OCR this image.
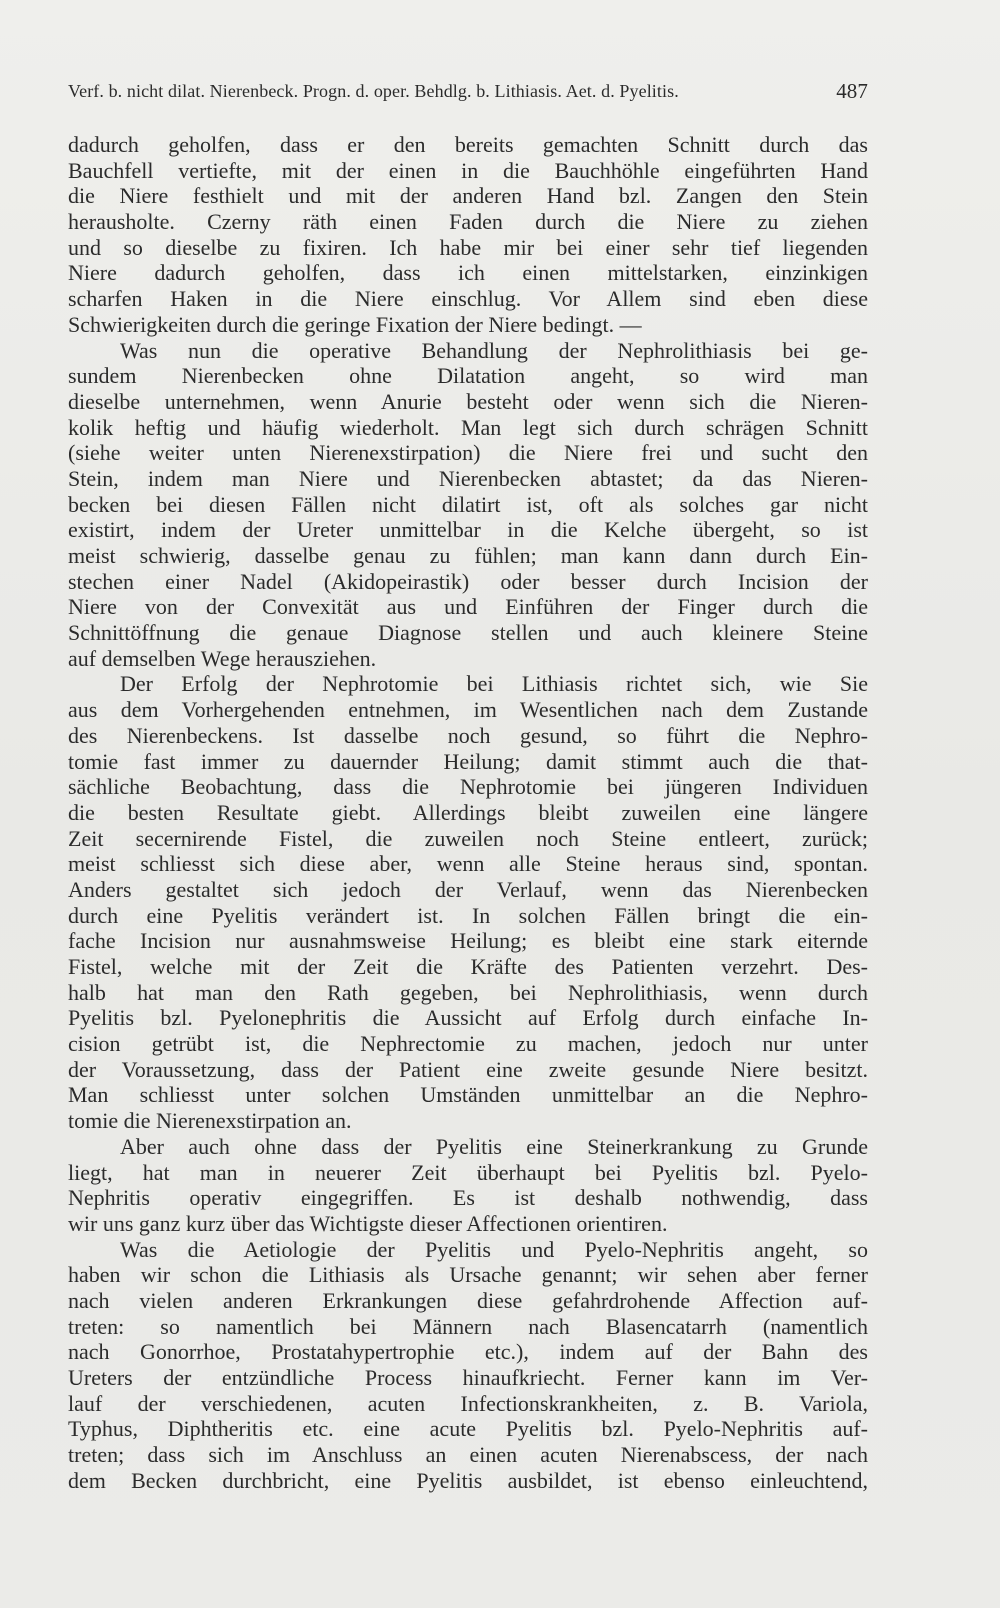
Verf. b. nicht dilat. Nierenbeck. Progn. d. oper. Behdlg. b. Lithiasis. Aet. d. Pyelitis.	487
dadurch geholfen, dass er den bereits gemachten Schnitt durch das
Bauchfell vertiefte, mit der einen in die Bauchhöhle eingeführten Hand
die Niere festhielt und mit der anderen Hand bzl. Zangen den Stein
herausholte. Czerny räth einen Faden durch die Niere zu ziehen
und so dieselbe zu fixiren. Ich habe mir bei einer sehr tief liegenden
Niere dadurch geholfen, dass ich einen mittelstarken, einzinkigen
scharfen Haken in die Niere einschlug. Vor Allem sind eben diese
Schwierigkeiten durch die geringe Fixation der Niere bedingt. —
Was nun die operative Behandlung der Nephrolithiasis bei ge-
sundem Nierenbecken ohne Dilatation angeht, so wird man
dieselbe unternehmen, wenn Anurie besteht oder wenn sich die Nieren-
kolik heftig und häufig wiederholt. Man legt sich durch schrägen Schnitt
(siehe weiter unten Nierenexstirpation) die Niere frei und sucht den
Stein, indem man Niere und Nierenbecken abtastet; da das Nieren-
becken bei diesen Fällen nicht dilatirt ist, oft als solches gar nicht
existirt, indem der Ureter unmittelbar in die Kelche übergeht, so ist
meist schwierig, dasselbe genau zu fühlen; man kann dann durch Ein-
stechen einer Nadel (Akidopeirastik) oder besser durch Incision der
Niere von der Convexität aus und Einführen der Finger durch die
Schnittöffnung die genaue Diagnose stellen und auch kleinere Steine
auf demselben Wege herausziehen.
Der Erfolg der Nephrotomie bei Lithiasis richtet sich, wie Sie
aus dem Vorhergehenden entnehmen, im Wesentlichen nach dem Zustande
des Nierenbeckens. Ist dasselbe noch gesund, so führt die Nephro-
tomie fast immer zu dauernder Heilung; damit stimmt auch die that-
sächliche Beobachtung, dass die Nephrotomie bei jüngeren Individuen
die besten Resultate giebt. Allerdings bleibt zuweilen eine längere
Zeit secernirende Fistel, die zuweilen noch Steine entleert, zurück;
meist schliesst sich diese aber, wenn alle Steine heraus sind, spontan.
Anders gestaltet sich jedoch der Verlauf, wenn das Nierenbecken
durch eine Pyelitis verändert ist. In solchen Fällen bringt die ein-
fache Incision nur ausnahmsweise Heilung; es bleibt eine stark eiternde
Fistel, welche mit der Zeit die Kräfte des Patienten verzehrt. Des-
halb hat man den Rath gegeben, bei Nephrolithiasis, wenn durch
Pyelitis bzl. Pyelonephritis die Aussicht auf Erfolg durch einfache In-
cision getrübt ist, die Nephrectomie zu machen, jedoch nur unter
der Voraussetzung, dass der Patient eine zweite gesunde Niere besitzt.
Man schliesst unter solchen Umständen unmittelbar an die Nephro-
tomie die Nierenexstirpation an.
Aber auch ohne dass der Pyelitis eine Steinerkrankung zu Grunde
liegt, hat man in neuerer Zeit überhaupt bei Pyelitis bzl. Pyelo-
Nephritis operativ eingegriffen. Es ist deshalb nothwendig, dass
wir uns ganz kurz über das Wichtigste dieser Affectionen orientiren.
Was die Aetiologie der Pyelitis und Pyelo-Nephritis angeht, so
haben wir schon die Lithiasis als Ursache genannt; wir sehen aber ferner
nach vielen anderen Erkrankungen diese gefahrdrohende Affection auf-
treten: so namentlich bei Männern nach Blasencatarrh (namentlich
nach Gonorrhoe, Prostatahypertrophie etc.), indem auf der Bahn des
Ureters der entzündliche Process hinaufkriecht. Ferner kann im Ver-
lauf der verschiedenen, acuten Infectionskrankheiten, z. B. Variola,
Typhus, Diphtheritis etc. eine acute Pyelitis bzl. Pyelo-Nephritis auf-
treten; dass sich im Anschluss an einen acuten Nierenabscess, der nach
dem Becken durchbricht, eine Pyelitis ausbildet, ist ebenso einleuchtend,
